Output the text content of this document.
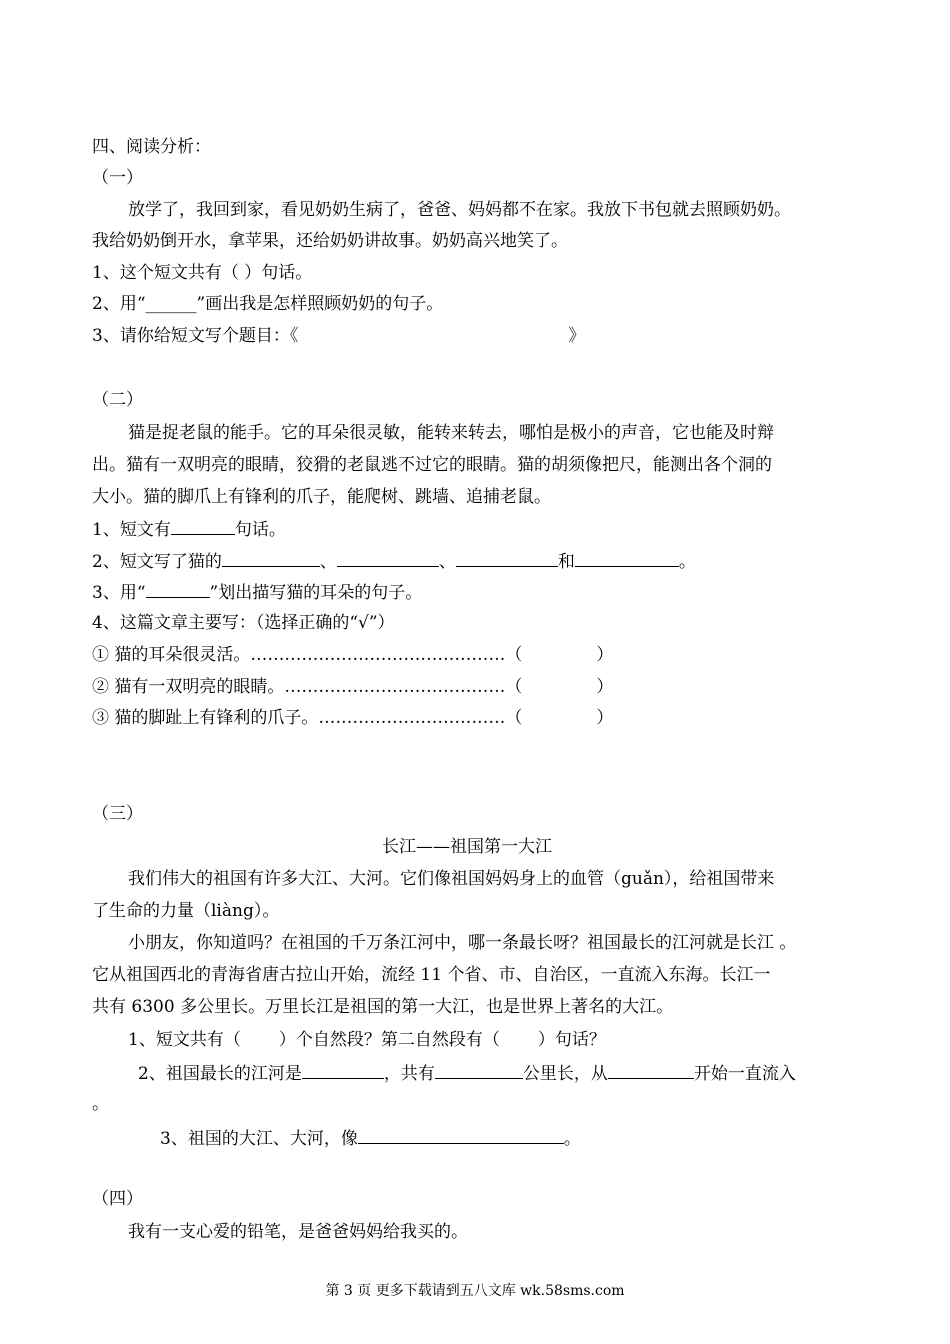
四、阅读分析：
（一）
放学了，我回到家，看见奶奶生病了，爸爸、妈妈都不在家。我放下书包就去照顾奶奶。
我给奶奶倒开水，拿苹果，还给奶奶讲故事。奶奶高兴地笑了。
1、这个短文共有（ ）句话。
2、用“______”画出我是怎样照顾奶奶的句子。
3、请你给短文写个题目：《	》
（二）
猫是捉老鼠的能手。它的耳朵很灵敏，能转来转去，哪怕是极小的声音，它也能及时辩
出。猫有一双明亮的眼睛，狡猾的老鼠逃不过它的眼睛。猫的胡须像把尺，能测出各个洞的
大小。猫的脚爪上有锋利的爪子，能爬树、跳墙、追捕老鼠。
1、短文有	句话。
2、短文写了猫的	、	、	和	。
3、用“	”划出描写猫的耳朵的句子。
4、这篇文章主要写：（选择正确的“√”）
① 猫的耳朵很灵活。………………………………………（	）
② 猫有一双明亮的眼睛。…………………………………（	）
③ 猫的脚趾上有锋利的爪子。……………………………（	）
（三）
长江——祖国第一大江
我们伟大的祖国有许多大江、大河。它们像祖国妈妈身上的血管（guǎn），给祖国带来
了生命的力量（liàng）。
小朋友，你知道吗？在祖国的千万条江河中，哪一条最长呀？祖国最长的江河就是长江 。
它从祖国西北的青海省唐古拉山开始，流经 11 个省、市、自治区，一直流入东海。长江一
共有 6300 多公里长。万里长江是祖国的第一大江，也是世界上著名的大江。
1、短文共有（ ）个自然段？第二自然段有（ ）句话？
2、祖国最长的江河是	，共有	公里长，从	开始一直流入
。
3、祖国的大江、大河，像	。
（四）
我有一支心爱的铅笔，是爸爸妈妈给我买的。
第 3 页 更多下载请到五八文库 wk.58sms.com
